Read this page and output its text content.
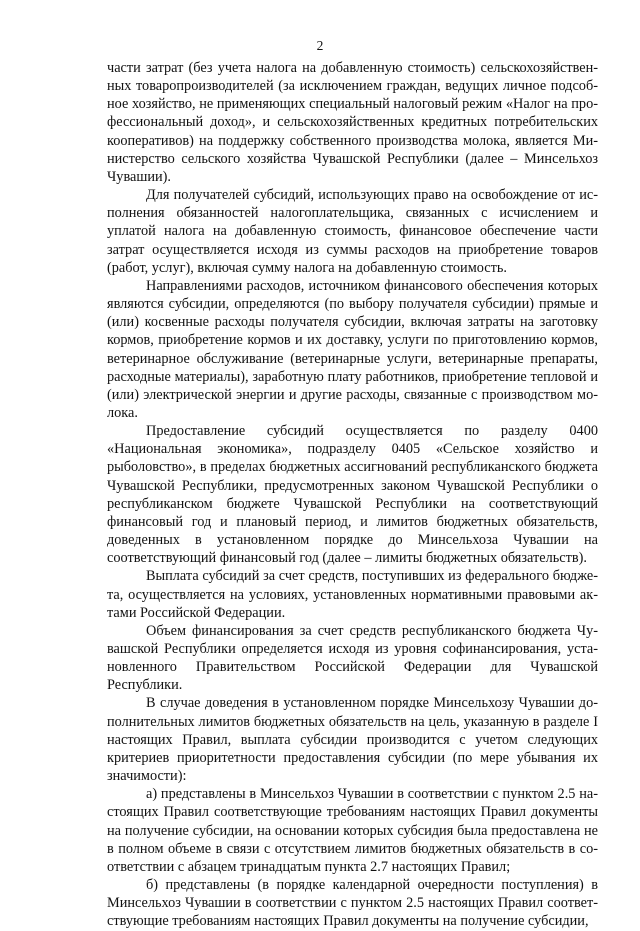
2

части затрат (без учета налога на добавленную стоимость) сельскохозяйственных товаропроизводителей (за исключением граждан, ведущих личное подсобное хозяйство, не применяющих специальный налоговый режим «Налог на профессиональный доход», и сельскохозяйственных кредитных потребительских кооперативов) на поддержку собственного производства молока, является Министерство сельского хозяйства Чувашской Республики (далее – Минсельхоз Чувашии).

Для получателей субсидий, использующих право на освобождение от исполнения обязанностей налогоплательщика, связанных с исчислением и уплатой налога на добавленную стоимость, финансовое обеспечение части затрат осуществляется исходя из суммы расходов на приобретение товаров (работ, услуг), включая сумму налога на добавленную стоимость.

Направлениями расходов, источником финансового обеспечения которых являются субсидии, определяются (по выбору получателя субсидии) прямые и (или) косвенные расходы получателя субсидии, включая затраты на заготовку кормов, приобретение кормов и их доставку, услуги по приготовлению кормов, ветеринарное обслуживание (ветеринарные услуги, ветеринарные препараты, расходные материалы), заработную плату работников, приобретение тепловой и (или) электрической энергии и другие расходы, связанные с производством молока.

Предоставление субсидий осуществляется по разделу 0400 «Национальная экономика», подразделу 0405 «Сельское хозяйство и рыболовство», в пределах бюджетных ассигнований республиканского бюджета Чувашской Республики, предусмотренных законом Чувашской Республики о республиканском бюджете Чувашской Республики на соответствующий финансовый год и плановый период, и лимитов бюджетных обязательств, доведенных в установленном порядке до Минсельхоза Чувашии на соответствующий финансовый год (далее – лимиты бюджетных обязательств).

Выплата субсидий за счет средств, поступивших из федерального бюджета, осуществляется на условиях, установленных нормативными правовыми актами Российской Федерации.

Объем финансирования за счет средств республиканского бюджета Чувашской Республики определяется исходя из уровня софинансирования, установленного Правительством Российской Федерации для Чувашской Республики.

В случае доведения в установленном порядке Минсельхозу Чувашии дополнительных лимитов бюджетных обязательств на цель, указанную в разделе I настоящих Правил, выплата субсидии производится с учетом следующих критериев приоритетности предоставления субсидии (по мере убывания их значимости):

а) представлены в Минсельхоз Чувашии в соответствии с пунктом 2.5 настоящих Правил соответствующие требованиям настоящих Правил документы на получение субсидии, на основании которых субсидия была предоставлена не в полном объеме в связи с отсутствием лимитов бюджетных обязательств в соответствии с абзацем тринадцатым пункта 2.7 настоящих Правил;

б) представлены (в порядке календарной очередности поступления) в Минсельхоз Чувашии в соответствии с пунктом 2.5 настоящих Правил соответствующие требованиям настоящих Правил документы на получение субсидии,
